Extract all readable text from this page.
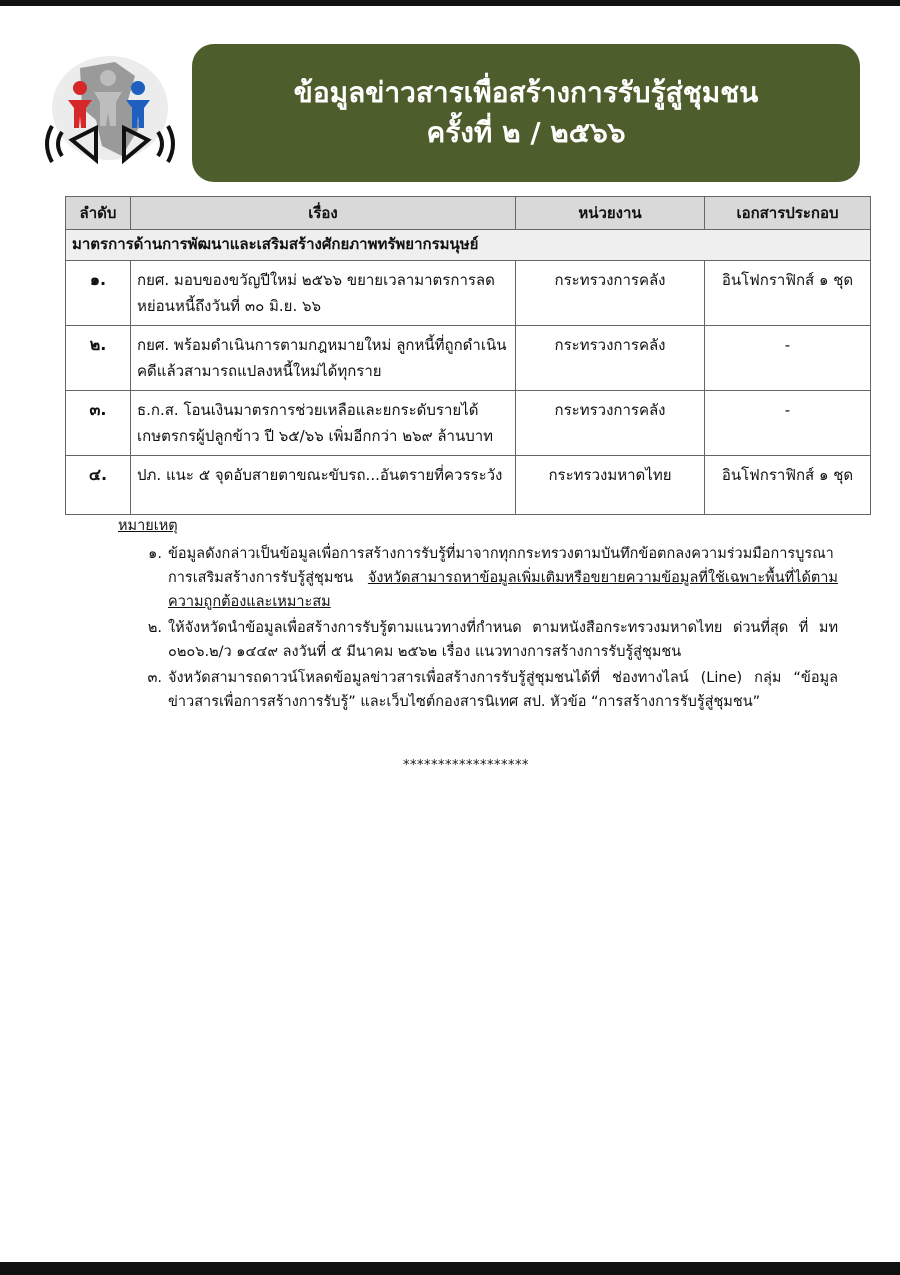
ข้อมูลข่าวสารเพื่อสร้างการรับรู้สู่ชุมชน
ครั้งที่ ๒ / ๒๕๖๖
ลำดับ	เรื่อง	หน่วยงาน	เอกสารประกอบ
มาตรการด้านการพัฒนาและเสริมสร้างศักยภาพทรัพยากรมนุษย์			
๑.	กยศ. มอบของขวัญปีใหม่ ๒๕๖๖ ขยายเวลามาตรการลดหย่อนหนี้ถึงวันที่ ๓๐ มิ.ย. ๖๖	กระทรวงการคลัง	อินโฟกราฟิกส์ ๑ ชุด
๒.	กยศ. พร้อมดำเนินการตามกฎหมายใหม่ ลูกหนี้ที่ถูกดำเนินคดีแล้วสามารถแปลงหนี้ใหม่ได้ทุกราย	กระทรวงการคลัง	-
๓.	ธ.ก.ส. โอนเงินมาตรการช่วยเหลือและยกระดับรายได้เกษตรกรผู้ปลูกข้าว ปี ๖๕/๖๖ เพิ่มอีกกว่า ๒๖๙ ล้านบาท	กระทรวงการคลัง	-
๔.	ปภ. แนะ ๕ จุดอับสายตาขณะขับรถ...อันตรายที่ควรระวัง	กระทรวงมหาดไทย	อินโฟกราฟิกส์ ๑ ชุด
หมายเหตุ
๑. ข้อมูลดังกล่าวเป็นข้อมูลเพื่อการสร้างการรับรู้ที่มาจากทุกกระทรวงตามบันทึกข้อตกลงความร่วมมือการบูรณาการเสริมสร้างการรับรู้สู่ชุมชน จังหวัดสามารถหาข้อมูลเพิ่มเติมหรือขยายความข้อมูลที่ใช้เฉพาะพื้นที่ได้ตามความถูกต้องและเหมาะสม
๒. ให้จังหวัดนำข้อมูลเพื่อสร้างการรับรู้ตามแนวทางที่กำหนด ตามหนังสือกระทรวงมหาดไทย ด่วนที่สุด ที่ มท ๐๒๐๖.๒/ว ๑๔๔๙ ลงวันที่ ๕ มีนาคม ๒๕๖๒ เรื่อง แนวทางการสร้างการรับรู้สู่ชุมชน
๓. จังหวัดสามารถดาวน์โหลดข้อมูลข่าวสารเพื่อสร้างการรับรู้สู่ชุมชนได้ที่ ช่องทางไลน์ (Line) กลุ่ม “ข้อมูลข่าวสารเพื่อการสร้างการรับรู้” และเว็บไซต์กองสารนิเทศ สป. หัวข้อ “การสร้างการรับรู้สู่ชุมชน”
******************
